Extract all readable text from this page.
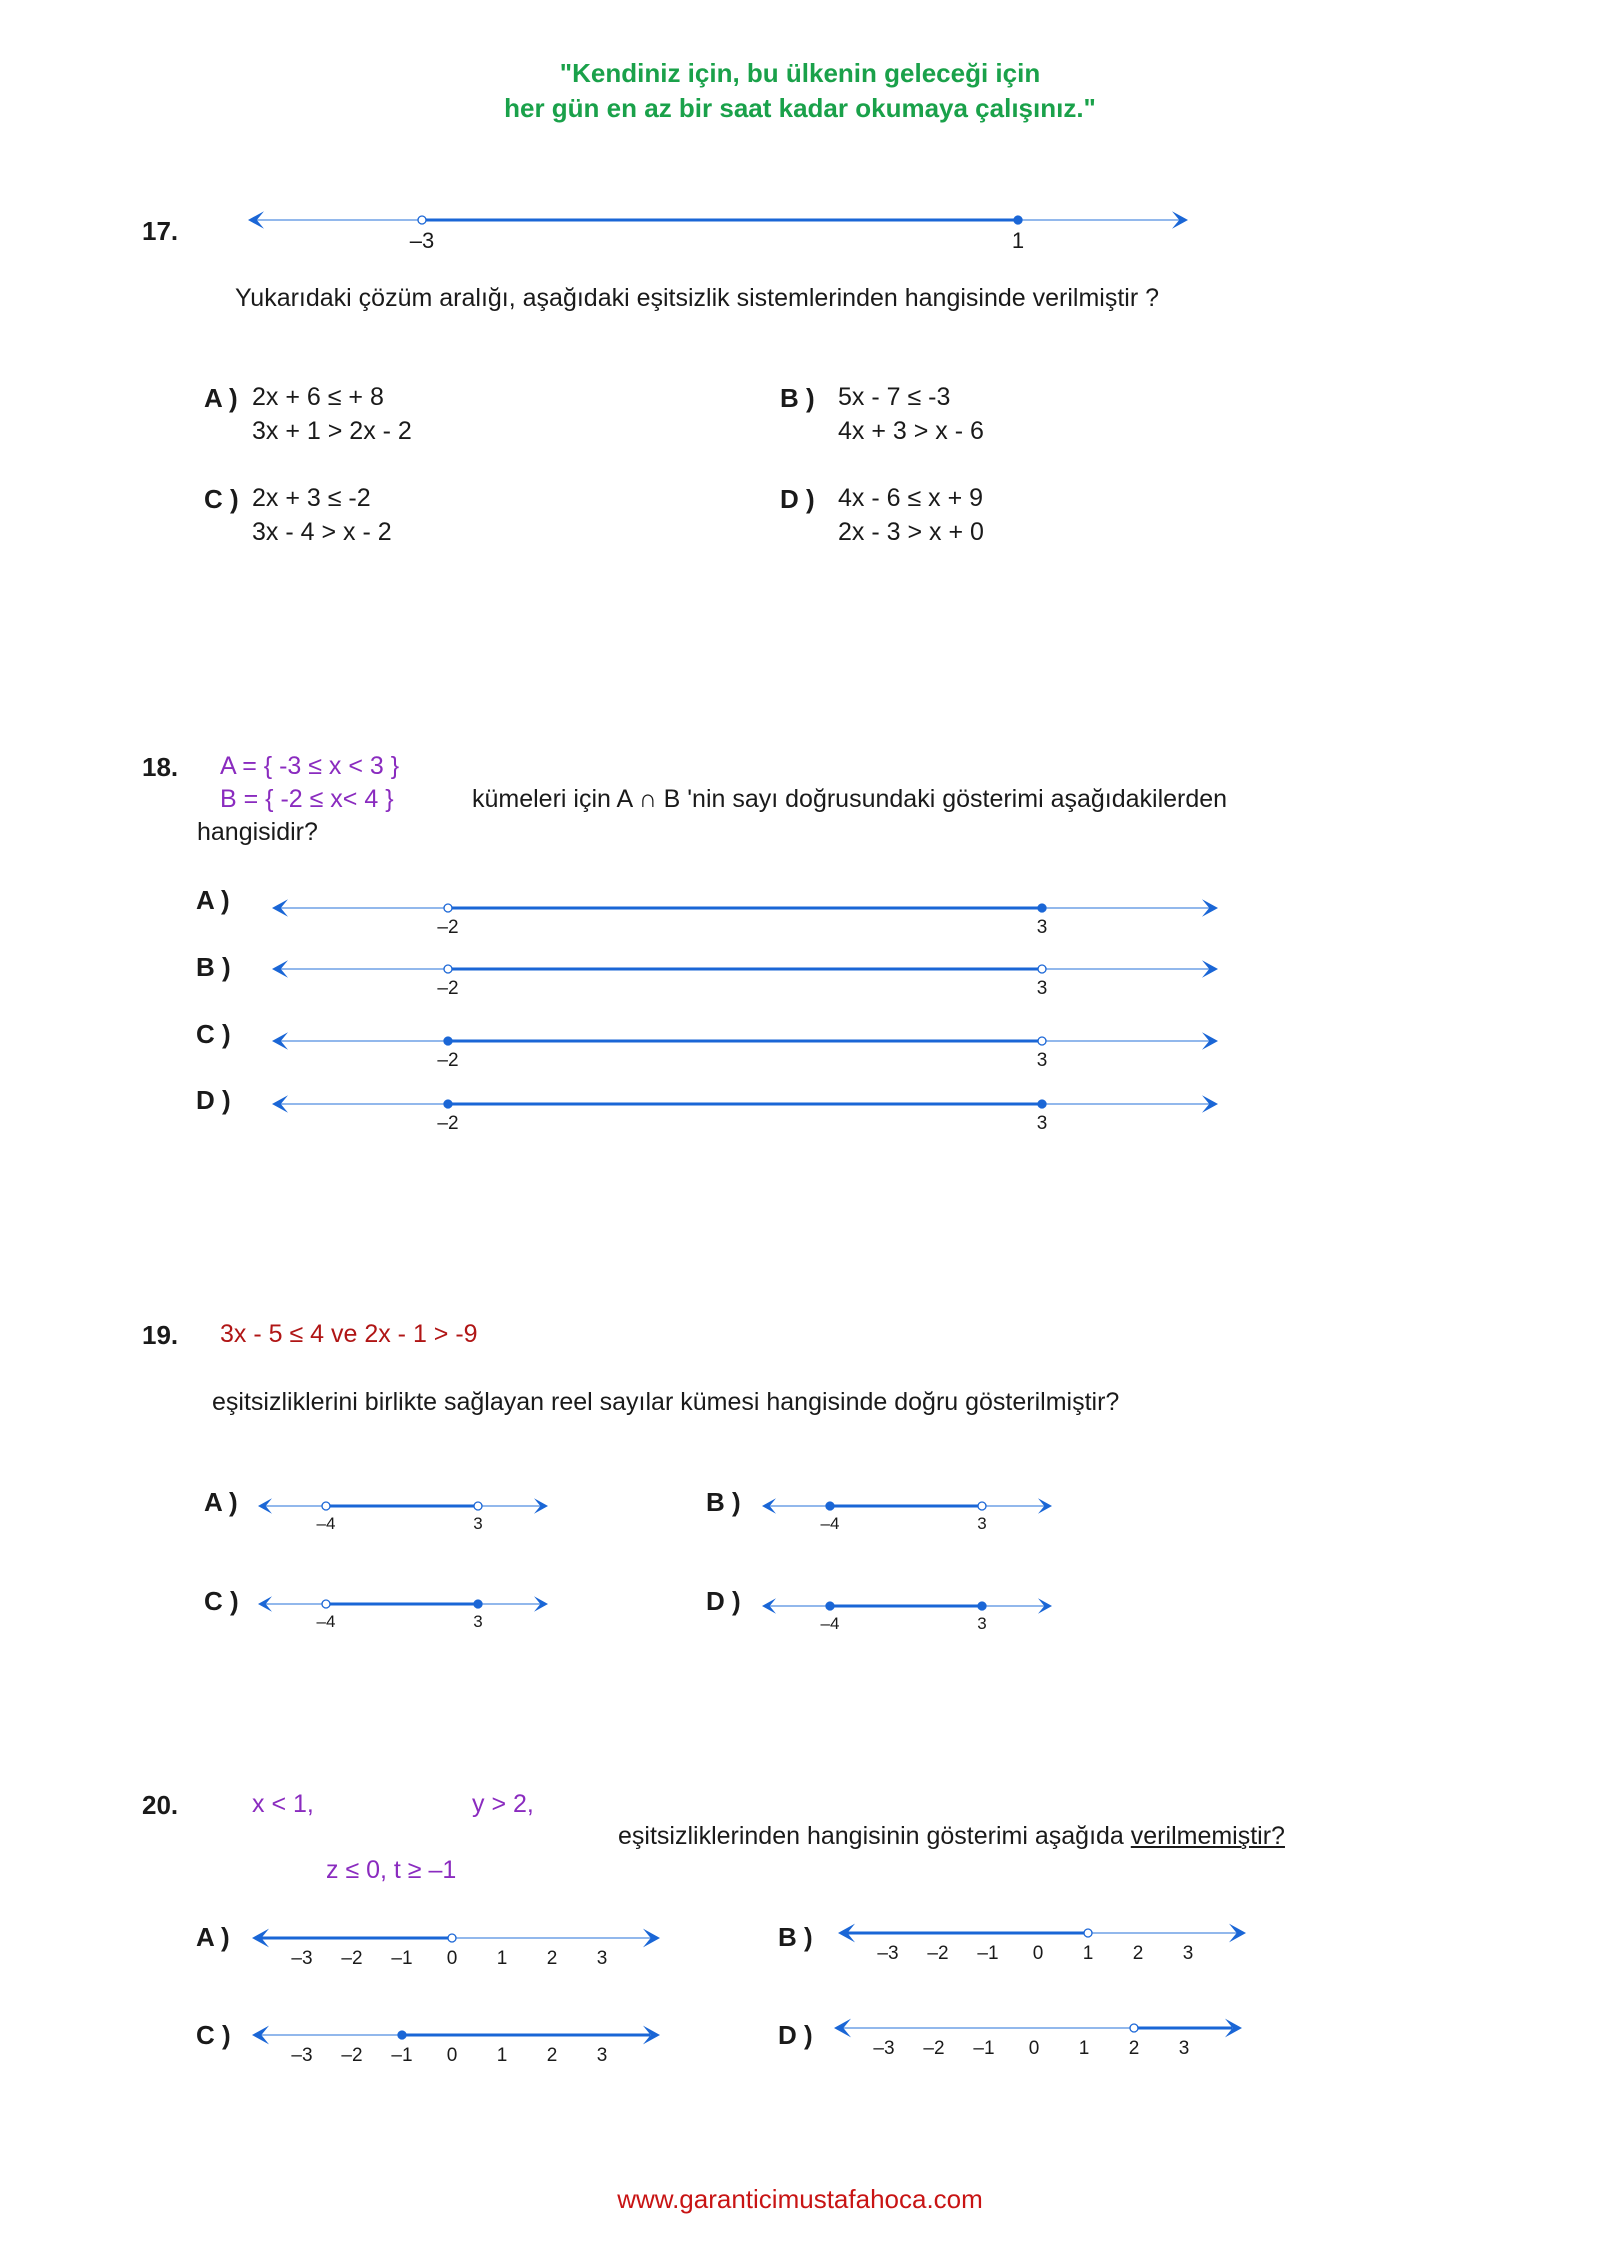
"Kendiniz için, bu ülkenin geleceği için
her gün en az bir saat kadar okumaya çalışınız."
17.	–3	1
Yukarıdaki çözüm aralığı, aşağıdaki eşitsizlik sistemlerinden hangisinde verilmiştir ?
A ) 2x + 6 ≤ + 8
3x + 1 > 2x - 2
B ) 5x - 7 ≤ -3
4x + 3 > x - 6
C ) 2x + 3 ≤ -2
3x - 4 > x - 2
D ) 4x - 6 ≤ x + 9
2x - 3 > x + 0
18. A = { -3 ≤ x < 3 }
B = { -2 ≤ x< 4 }	kümeleri için A ∩ B 'nin sayı doğrusundaki gösterimi aşağıdakilerden
hangisidir?
A )
–2	3
B )
–2	3
C )
–2	3
D )
–2	3
19. 3x - 5 ≤ 4 ve 2x - 1 > -9
eşitsizliklerini birlikte sağlayan reel sayılar kümesi hangisinde doğru gösterilmiştir?
A )
–4	3
B )
–4	3
C )
–4	3
D )
–4	3
20.	x < 1,	y > 2,
z ≤ 0, t ≥ –1
eşitsizliklerinden hangisinin gösterimi aşağıda verilmemiştir?
A )
–3 –2 –1 0 1 2 3
B )
–3 –2 –1 0 1 2 3
C )
–3 –2 –1 0 1 2 3
D )	–3 –2 –1 0 1 2 3
www.garanticimustafahoca.com
